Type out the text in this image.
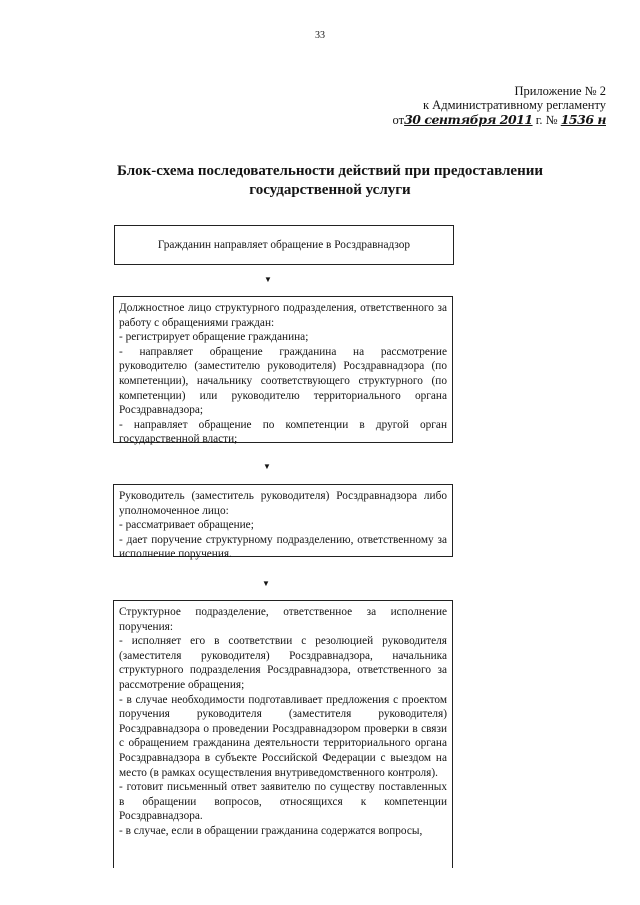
33
Приложение № 2
к Административному регламенту
от30 сентября 2011 г. № 1536 н
Блок-схема последовательности действий при предоставлении государственной услуги
Гражданин направляет обращение в Росздравнадзор
▼

Должностное лицо структурного подразделения, ответственного за работу с обращениями граждан:

- регистрирует обращение гражданина;

- направляет обращение гражданина на рассмотрение руководителю (заместителю руководителя) Росздравнадзора (по компетенции), начальнику соответствующего структурного (по компетенции) или руководителю территориального органа Росздравнадзора;

- направляет обращение по компетенции в другой орган государственной власти;

▼

Руководитель (заместитель руководителя) Росздравнадзора либо уполномоченное лицо:

- рассматривает обращение;

- дает поручение структурному подразделению, ответственному за исполнение поручения.

▼

Структурное подразделение, ответственное за исполнение поручения:

- исполняет его в соответствии с резолюцией руководителя (заместителя руководителя) Росздравнадзора, начальника структурного подразделения Росздравнадзора, ответственного за рассмотрение обращения;

- в случае необходимости подготавливает предложения с проектом поручения руководителя (заместителя руководителя) Росздравнадзора о проведении Росздравнадзором проверки в связи с обращением гражданина деятельности территориального органа Росздравнадзора в субъекте Российской Федерации с выездом на место (в рамках осуществления внутриведомственного контроля).

- готовит письменный ответ заявителю по существу поставленных в обращении вопросов, относящихся к компетенции Росздравнадзора.

- в случае, если в обращении гражданина содержатся вопросы,
